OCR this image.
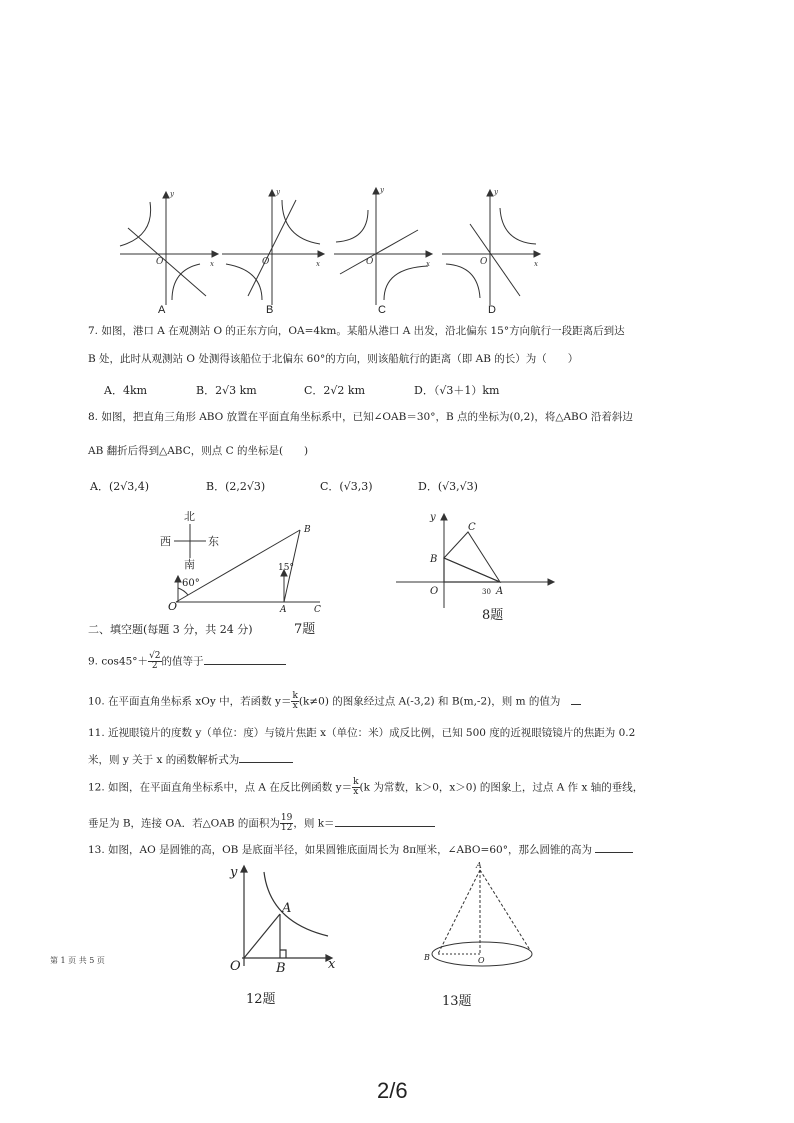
x
y
O	x
y
O	x
y
O	x
y
O
A	B	C	D
7. 如图，港口 A 在观测站 O 的正东方向，OA=4km。某船从港口 A 出发，沿北偏东 15°方向航行一段距离后到达
B 处，此时从观测站 O 处测得该船位于北偏东 60°的方向，则该船航行的距离（即 AB 的长）为（　　）
A．4km	B．2√3 km	C．2√2 km	D．（√3＋1）km
8. 如图，把直角三角形 ABO 放置在平面直角坐标系中，已知∠OAB＝30°，B 点的坐标为(0,2)，将△ABO 沿着斜边
AB 翻折后得到△ABC，则点 C 的坐标是(　　)
A．(2√3,4)	B．(2,2√3)	C．(√3,3)	D．(√3,√3)
北
南
西	东
60°
15°
O	A
B
C
7题
y
O
B
C
A
30
8题
二、填空题(每题 3 分，共 24 分)
9. $\cos 45^\circ+ \frac{√2}{2}$ 的值等于
10. 在平面直角坐标系 xOy 中，若函数 $y= \frac{k}{x} (k\ne 0)$ 的图象经过点 A(-3,2) 和 B(m,-2)，则 m 的值为　
11. 近视眼镜片的度数 y（单位：度）与镜片焦距 x（单位：米）成反比例，已知 500 度的近视眼镜镜片的焦距为 0.2
米，则 y 关于 x 的函数解析式为
12. 如图，在平面直角坐标系中，点 A 在反比例函数 $y= \frac{k}{x} (k$ 为常数，k＞0，x＞0) 的图象上，过点 A 作 x 轴的垂线，
垂足为 B，连接 OA．若△OAB 的面积为 $\frac{19}{12}$ ，则 k＝
13. 如图，AO 是圆锥的高，OB 是底面半径，如果圆锥底面周长为 8π厘米，∠ABO=60°，那么圆锥的高为
y
x
O
A
B
12题
A
B	O
13题
第 1 页 共 5 页
2/6
